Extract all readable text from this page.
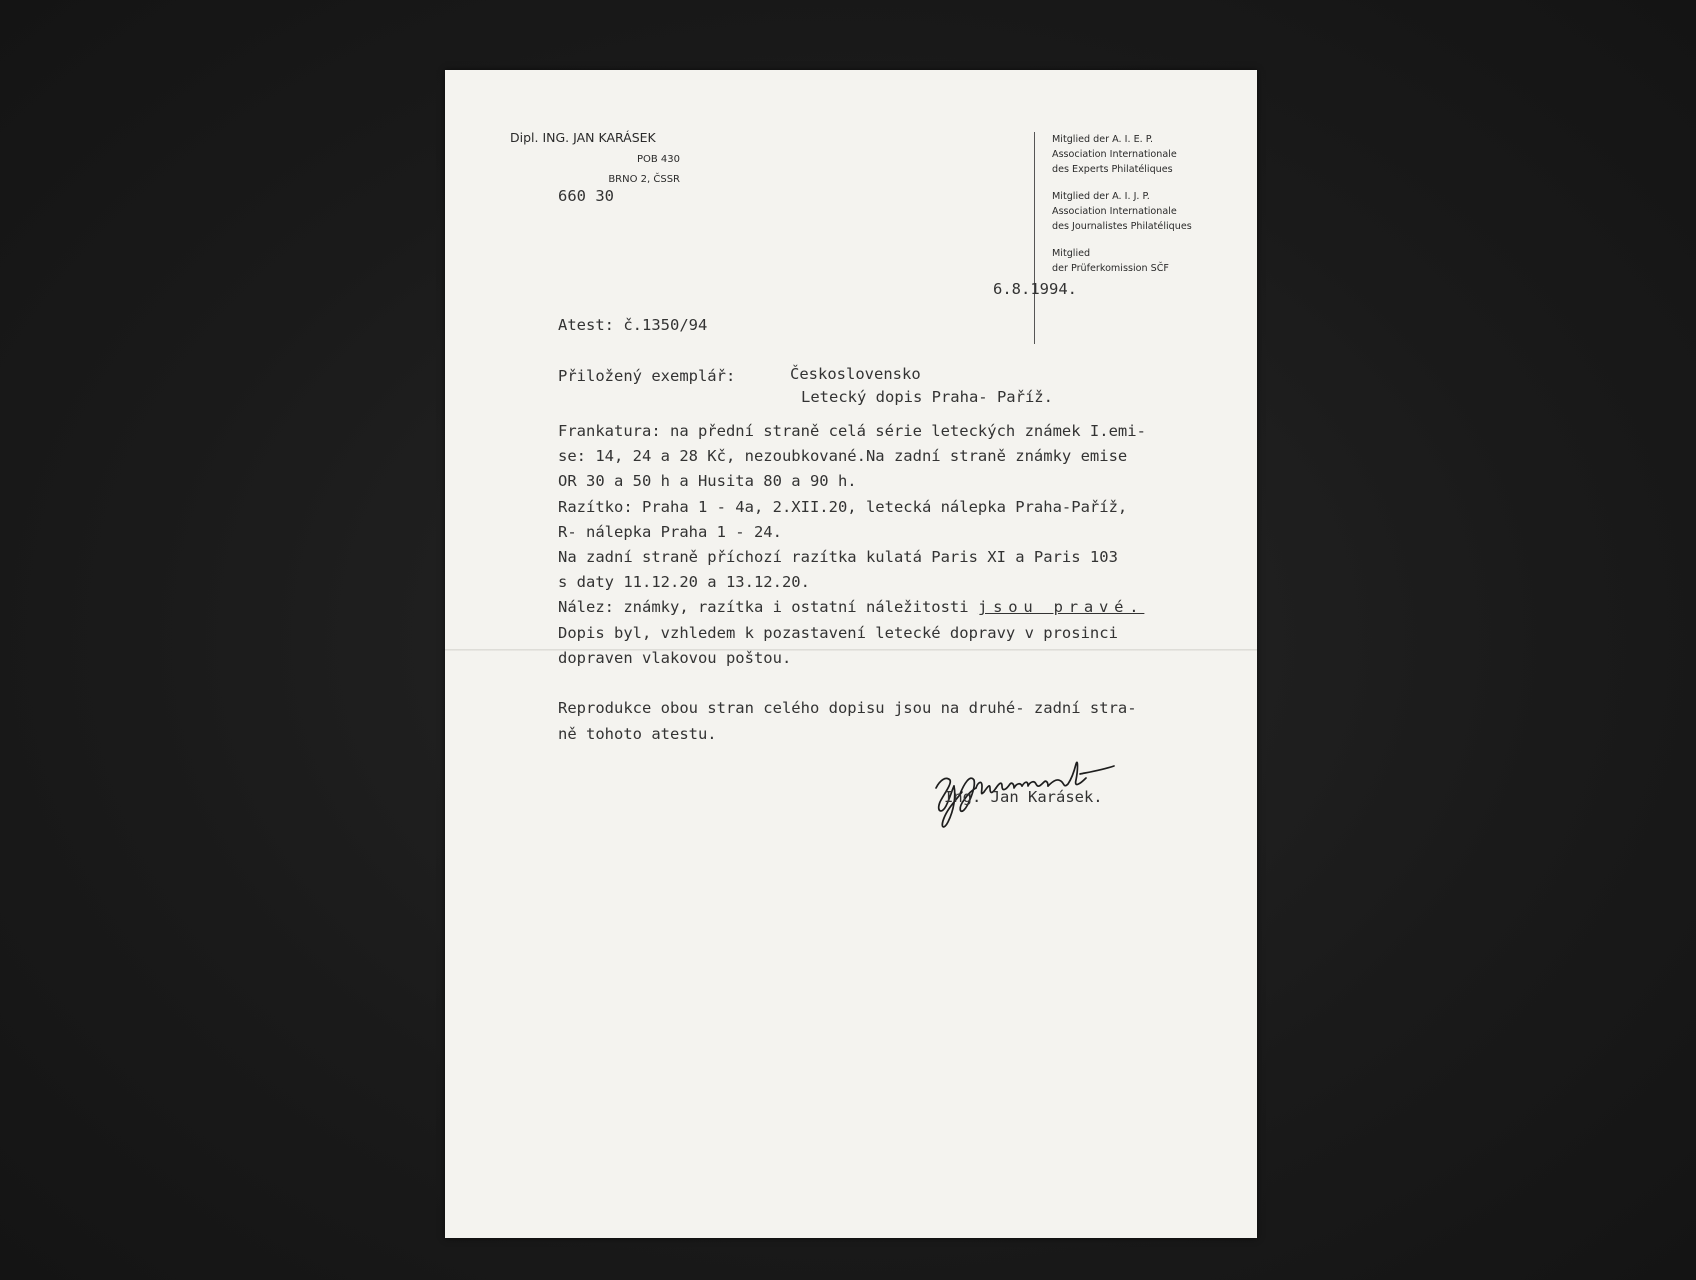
Dipl. ING. JAN KARÁSEK
POB 430
BRNO 2, ČSSR
660 30
Mitglied der A. I. E. P.
Association Internationale
des Experts Philatéliques
Mitglied der A. I. J. P.
Association Internationale
des Journalistes Philatéliques
Mitglied
der Prüferkomission SČF
6.8.1994.
Atest: č.1350/94
Přiložený exemplář:	Československo
Letecký dopis Praha- Paříž.
Frankatura: na přední straně celá série leteckých známek I.emi-
se: 14, 24 a 28 Kč, nezoubkované.Na zadní straně známky emise
OR 30 a 50 h a Husita 80 a 90 h.
Razítko: Praha 1 - 4a, 2.XII.20, letecká nálepka Praha-Paříž,
R- nálepka Praha 1 - 24.
Na zadní straně příchozí razítka kulatá Paris XI a Paris 103
s daty 11.12.20 a 13.12.20.
Nález: známky, razítka i ostatní náležitosti jsou pravé.
Dopis byl, vzhledem k pozastavení letecké dopravy v prosinci
dopraven vlakovou poštou.
Reprodukce obou stran celého dopisu jsou na druhé- zadní stra-
ně tohoto atestu.
Ing. Jan Karásek.
